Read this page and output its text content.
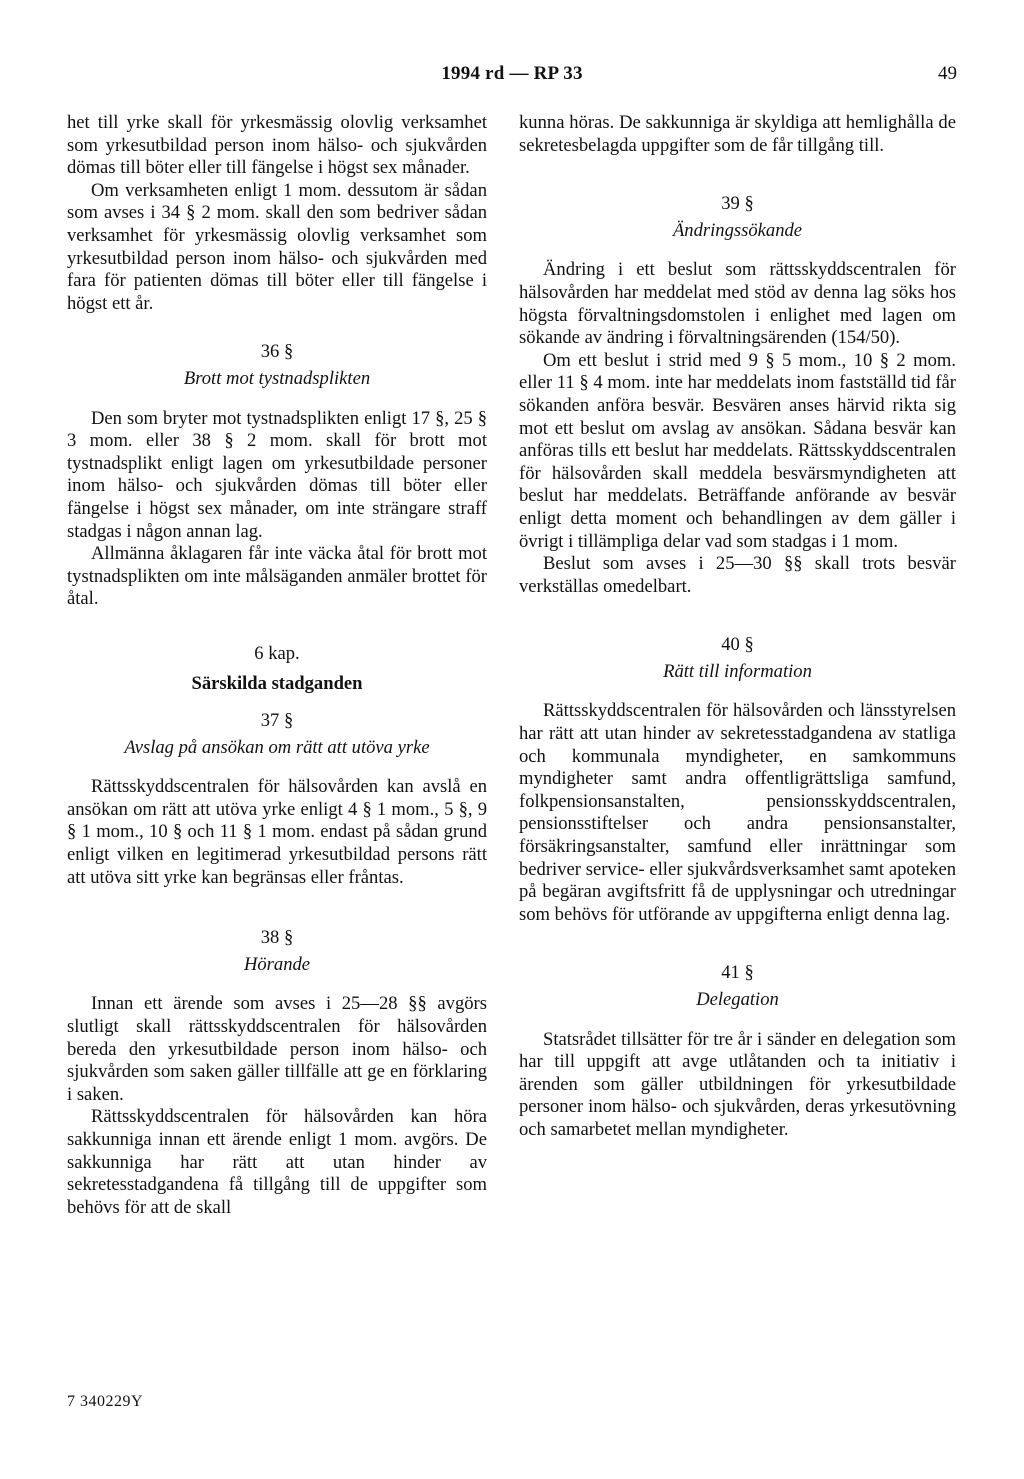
1994 rd — RP 33	49

het till yrke skall för yrkesmässig olovlig verksamhet som yrkesutbildad person inom hälso- och sjukvården dömas till böter eller till fängelse i högst sex månader.

Om verksamheten enligt 1 mom. dessutom är sådan som avses i 34 § 2 mom. skall den som bedriver sådan verksamhet för yrkesmässig olovlig verksamhet som yrkesutbildad person inom hälso- och sjukvården med fara för patienten dömas till böter eller till fängelse i högst ett år.

36 §
Brott mot tystnadsplikten

Den som bryter mot tystnadsplikten enligt 17 §, 25 § 3 mom. eller 38 § 2 mom. skall för brott mot tystnadsplikt enligt lagen om yrkesutbildade personer inom hälso- och sjukvården dömas till böter eller fängelse i högst sex månader, om inte strängare straff stadgas i någon annan lag.

Allmänna åklagaren får inte väcka åtal för brott mot tystnadsplikten om inte målsäganden anmäler brottet för åtal.

6 kap.
Särskilda stadganden
37 §
Avslag på ansökan om rätt att utöva yrke

Rättsskyddscentralen för hälsovården kan avslå en ansökan om rätt att utöva yrke enligt 4 § 1 mom., 5 §, 9 § 1 mom., 10 § och 11 § 1 mom. endast på sådan grund enligt vilken en legitimerad yrkesutbildad persons rätt att utöva sitt yrke kan begränsas eller fråntas.

38 §
Hörande

Innan ett ärende som avses i 25—28 §§ avgörs slutligt skall rättsskyddscentralen för hälsovården bereda den yrkesutbildade person inom hälso- och sjukvården som saken gäller tillfälle att ge en förklaring i saken.

Rättsskyddscentralen för hälsovården kan höra sakkunniga innan ett ärende enligt 1 mom. avgörs. De sakkunniga har rätt att utan hinder av sekretesstadgandena få tillgång till de uppgifter som behövs för att de skall

kunna höras. De sakkunniga är skyldiga att hemlighålla de sekretesbelagda uppgifter som de får tillgång till.

39 §
Ändringssökande

Ändring i ett beslut som rättsskyddscentralen för hälsovården har meddelat med stöd av denna lag söks hos högsta förvaltningsdomstolen i enlighet med lagen om sökande av ändring i förvaltningsärenden (154/50).

Om ett beslut i strid med 9 § 5 mom., 10 § 2 mom. eller 11 § 4 mom. inte har meddelats inom fastställd tid får sökanden anföra besvär. Besvären anses härvid rikta sig mot ett beslut om avslag av ansökan. Sådana besvär kan anföras tills ett beslut har meddelats. Rättsskyddscentralen för hälsovården skall meddela besvärsmyndigheten att beslut har meddelats. Beträffande anförande av besvär enligt detta moment och behandlingen av dem gäller i övrigt i tillämpliga delar vad som stadgas i 1 mom.

Beslut som avses i 25—30 §§ skall trots besvär verkställas omedelbart.

40 §
Rätt till information

Rättsskyddscentralen för hälsovården och länsstyrelsen har rätt att utan hinder av sekretesstadgandena av statliga och kommunala myndigheter, en samkommuns myndigheter samt andra offentligrättsliga samfund, folkpensionsanstalten, pensionsskyddscentralen, pensionsstiftelser och andra pensionsanstalter, försäkringsanstalter, samfund eller inrättningar som bedriver service- eller sjukvårdsverksamhet samt apoteken på begäran avgiftsfritt få de upplysningar och utredningar som behövs för utförande av uppgifterna enligt denna lag.

41 §
Delegation

Statsrådet tillsätter för tre år i sänder en delegation som har till uppgift att avge utlåtanden och ta initiativ i ärenden som gäller utbildningen för yrkesutbildade personer inom hälso- och sjukvården, deras yrkesutövning och samarbetet mellan myndigheter.

7 340229Y
